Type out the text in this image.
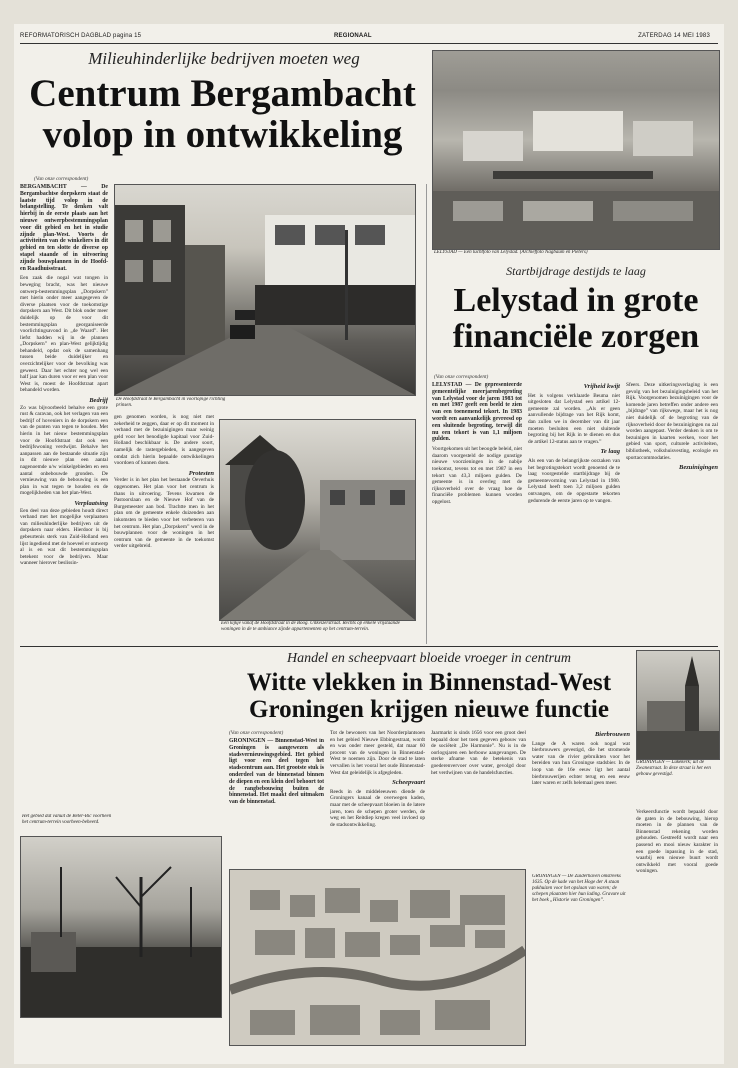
REFORMATORISCH DAGBLAD pagina 15	REGIONAAL	ZATERDAG 14 MEI 1983
Milieuhinderlijke bedrijven moeten weg
Centrum Bergambacht
volop in ontwikkeling
(Van onze correspondent)
BERGAMBACHT — De Bergambachtse dorpskern staat de laatste tijd volop in de belangstelling. Te denken valt hierbij in de eerste plaats aan het nieuwe ontwerpbestemmingsplan voor dit gebied en het in studie zijnde plan-West. Voorts de activiteiten van de winkeliers in dit gebied en ten slotte de diverse op stapel staande of in uitvoering zijnde bouwplannen in de Hoofd- en Raadhuisstraat.
Een zaak die nogal wat tongen in beweging bracht, was het nieuwe ontwerp-bestemmingsplan „Dorpskern” met hierin onder meer aangegeven de diverse plaatsen voor de toekomstige dorpskern aan West. Dit blok onder meer duidelijk op de voor dit bestemmingsplan georganiseerde voorlichtingsavond in „de Waard”. Het liefst hadden wij in de plannen „Dorpskern” en plan-West gelijktijdig behandeld, opdat ook de samenhang tussen beide duidelijker en overzichtelijker voor de bevolking was geweest. Daar het echter nog wel een half jaar kan duren voor er een plan voor West is, moest de Hoofdstraat apart behandeld worden.
Bedrijf
Zo was bijvoorbeeld behalve een grote rust & caravan, ook het verlagen van een bedrijf of hoveniers in de dorpskern een van de punten van tegen te houden. Met hierin in het nieuw bestemmingsplan voor de Hoofdstraat dat ook een bedrijfswoning verdwijnt. Behalve het aanpassen aan de bestaande situatie zijn in dit nieuwe plan een aantal nagenoemde u/w winkelgebieden en een aantal onbebouwde gronden. De vernieuwing van de bebouwing is een plan in wat tegen te houden en de mogelijkheden van het plan-West.
Verplaatsing
Een deel van deze gebieden houdt direct verband met het mogelijke verplaatsen van milieuhinderlijke bedrijven uit de dorpskern naar elders. Hierdoor is bij gebeurtenis sterk van Zuid-Holland een lijst ingediend met de hoeveel er ontwerp al is en wat dit bestemmingsplan betekent voor de bedrijven. Maar wanneer hierover beslissin-
De Hoofdstraat te Bergambacht in voorlopige richting prinsen.
gen genomen worden, is nog niet met zekerheid te zeggen, daar er op dit moment in verband met de bezuinigingen maar weinig geld voor het benodigde kapitaal voor Zuid-Holland beschikbaar is. De andere soort, namelijk de rastergebieden, is aangegeven omdat zich hierin bepaalde ontwikkelingen voordoen of kunnen doen.
Protesten
Verder is in het plan het bestaande Oeverhuis opgenomen. Het plan voor het centrum is thans in uitvoering. Tevens kwamen de Pastoorslaan en de Nieuwe Hof van de Burgemeester aan bod. Trachtte men in het plan om de gemeente enkele duizenden aan inkomsten te bieden voor het verbeteren van het centrum. Het plan „Dorpskern” werd in de bouwplannen voor de woningen in het centrum van de gemeente in de toekomst verder uitgebreid.
Een kijkje vanaf de Hoofdstraat in de Boog. Uitkeizerstraat. Rechts op enkele vrijstaande woningen in de te ambiance zijnde appartementen op het centrum-terrein.
LELYSTAD — Een luchtfoto van Lelystad. (Archieffoto Nagbaum en Pieters)
Startbijdrage destijds te laag
Lelystad in grote
financiële zorgen
(Van onze correspondent)
LELYSTAD — De gepresenteerde gemeentelijke meerjarenbegroting van Lelystad voor de jaren 1983 tot en met 1987 geeft een beeld te zien van een toenemend tekort. In 1983 wordt een aanvankelijk gevreesd op een sluitende begroting, terwijl dit nu een tekort is van 1,1 miljoen gulden.
Voortgekomen uit het beoogde beleid, niet daarom voorgesteld de nodige gunstige nieuwe voorzieningen in de nabije toekomst, tevens tot en met 1987 in een tekort van 43,3 miljoen gulden. De gemeente is in overleg met de rijksoverheid over de vraag hoe de financiële problemen kunnen worden opgelost.
Vrijheid kwijt
Het is volgens verklaarde Beuma niet uitgesloten dat Lelystad een artikel 12-gemeente zal worden. „Als er geen aanvullende bijdrage van het Rijk komt, dan zullen we in december van dit jaar moeten besluiten een niet sluitende begroting bij het Rijk in te dienen en dus de artikel 12-status aan te vragen.”
Te laag
Als een van de belangrijkste oorzaken van het begrotingstekort wordt genoemd de te laag voorgestelde startbijdrage bij de gemeentevorming van Lelystad in 1980. Lelystad heeft toen 3,2 miljoen gulden ontvangen, om de opgestarte tekorten gedurende de eerste jaren op te vangen.
Sfeers. Deze uitkeringsverlaging is een gevolg van het bezuinigingsbeleid van het Rijk. Voorgenomen bezuinigingen voor de komende jaren betreffen onder andere een „bijdrage” van rijkswege, maar het is nog niet duidelijk of de begroting van de rijksoverheid door de bezuinigingen nu zal worden aangepast. Verder denken is om te bezuinigen in kaarten werken, voor het gebied van sport, culturele activiteiten, bibliotheek, volkshuisvesting, ecologie en sportaccommodaties.
Bezuinigingen
Handel en scheepvaart bloeide vroeger in centrum
Witte vlekken in Binnenstad-West
Groningen krijgen nieuwe functie
GRONINGEN — Lukekerk; uit de Zwanestraat. In deze straat is het een gebouw gevestigd.
Het gebied dat vanuit de Beter-Bic voorheen het centrum-terrein voorheen-beheerd.
(Van onze correspondent)
GRONINGEN — Binnenstad-West in Groningen is aangewezen als stadsvernieuwingsgebied. Het gebied ligt voor een deel tegen het stadscentrum aan. Het grootste stuk is onderdeel van de binnenstad binnen de diepen en een klein deel behoort tot de rangbebouwing buiten de binnenstad. Het maakt deel uitmaken van de binnenstad.
Tot de bewoners van het Noorderplantsoen en het gebied Nieuwe Ebbingestraat, wordt en was onder meer gesteld, dat maar 60 procent van de woningen in Binnenstad-West te noemen zijn. Door de stad te laten vervallen is het vooral het oude Binnenstad-West dat geleidelijk is afgegleden.
Scheepvaart
Reeds in de middeleeuwen diende de Groningers kanaal de overwegen kaden, maar met de scheepvaart bloeien in de latere jaren, toen de schepen groter werden, de weg en het Reitdiep kregen veel invloed op de stadsontwikkeling.
Jaarmarkt is sinds 1656 voor een groot deel bepaald door het toen gegeven gebouw van de sociëteit „De Harmonie”. Nu is in de oorlogsjaren een herbouw aangevangen. De sterke afname van de betekenis van goederenvervoer over water, gevolgd door het verdwijnen van de handelsfuncties.
Bierbrouwen
Lange de A waren ook nogal wat bierbrouwers gevestigd, die het stromende water van de rivier gebruikten voor het bereiden van hun Groningse stadsbier. In de loop van de 16e eeuw ligt het aantal bierbrouwerijen echter terug en een eeuw later waren er zelfs helemaal geen meer.
GRONINGEN — De Zuiderhaven omstreeks 1635. Op de kade van het Hoge der A staan pakhuizen voor het opslaan van waren; de schepen plaatsten hier hun lading. Gravure uit het boek „Historie van Groningen”.
Verkeersfunctie wordt bepaald door de gaten in de bebouwing, hierop moeten in de plannen van de Binnenstad rekening worden gehouden. Gestreefd wordt naar een passend en mooi nieuw karakter in een goede inpassing in de stad, waarbij een nieuwe buurt wordt ontwikkeld met vooral goede woningen.
